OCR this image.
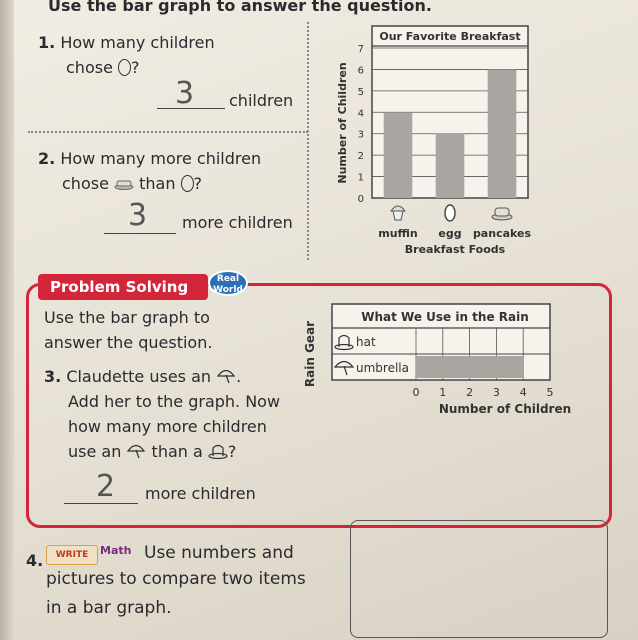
Use the bar graph to answer the question.
1. How many children
chose ?
3 children
2. How many more children
chose than ?
3 more children
Our Favorite Breakfast
0
1
2
3
4
5
6
7
muffin egg pancakes
Number of Children
Breakfast Foods
Problem Solving	Real
World
Use the bar graph to
answer the question.
3. Claudette uses an .
Add her to the graph. Now
how many more children
use an than a ?
2 more children
What We Use in the Rain
hat
umbrella
0 1 2 3 4 5
Number of Children
Rain Gear
4.	WRITE	Math Use numbers and
pictures to compare two items
in a bar graph.
